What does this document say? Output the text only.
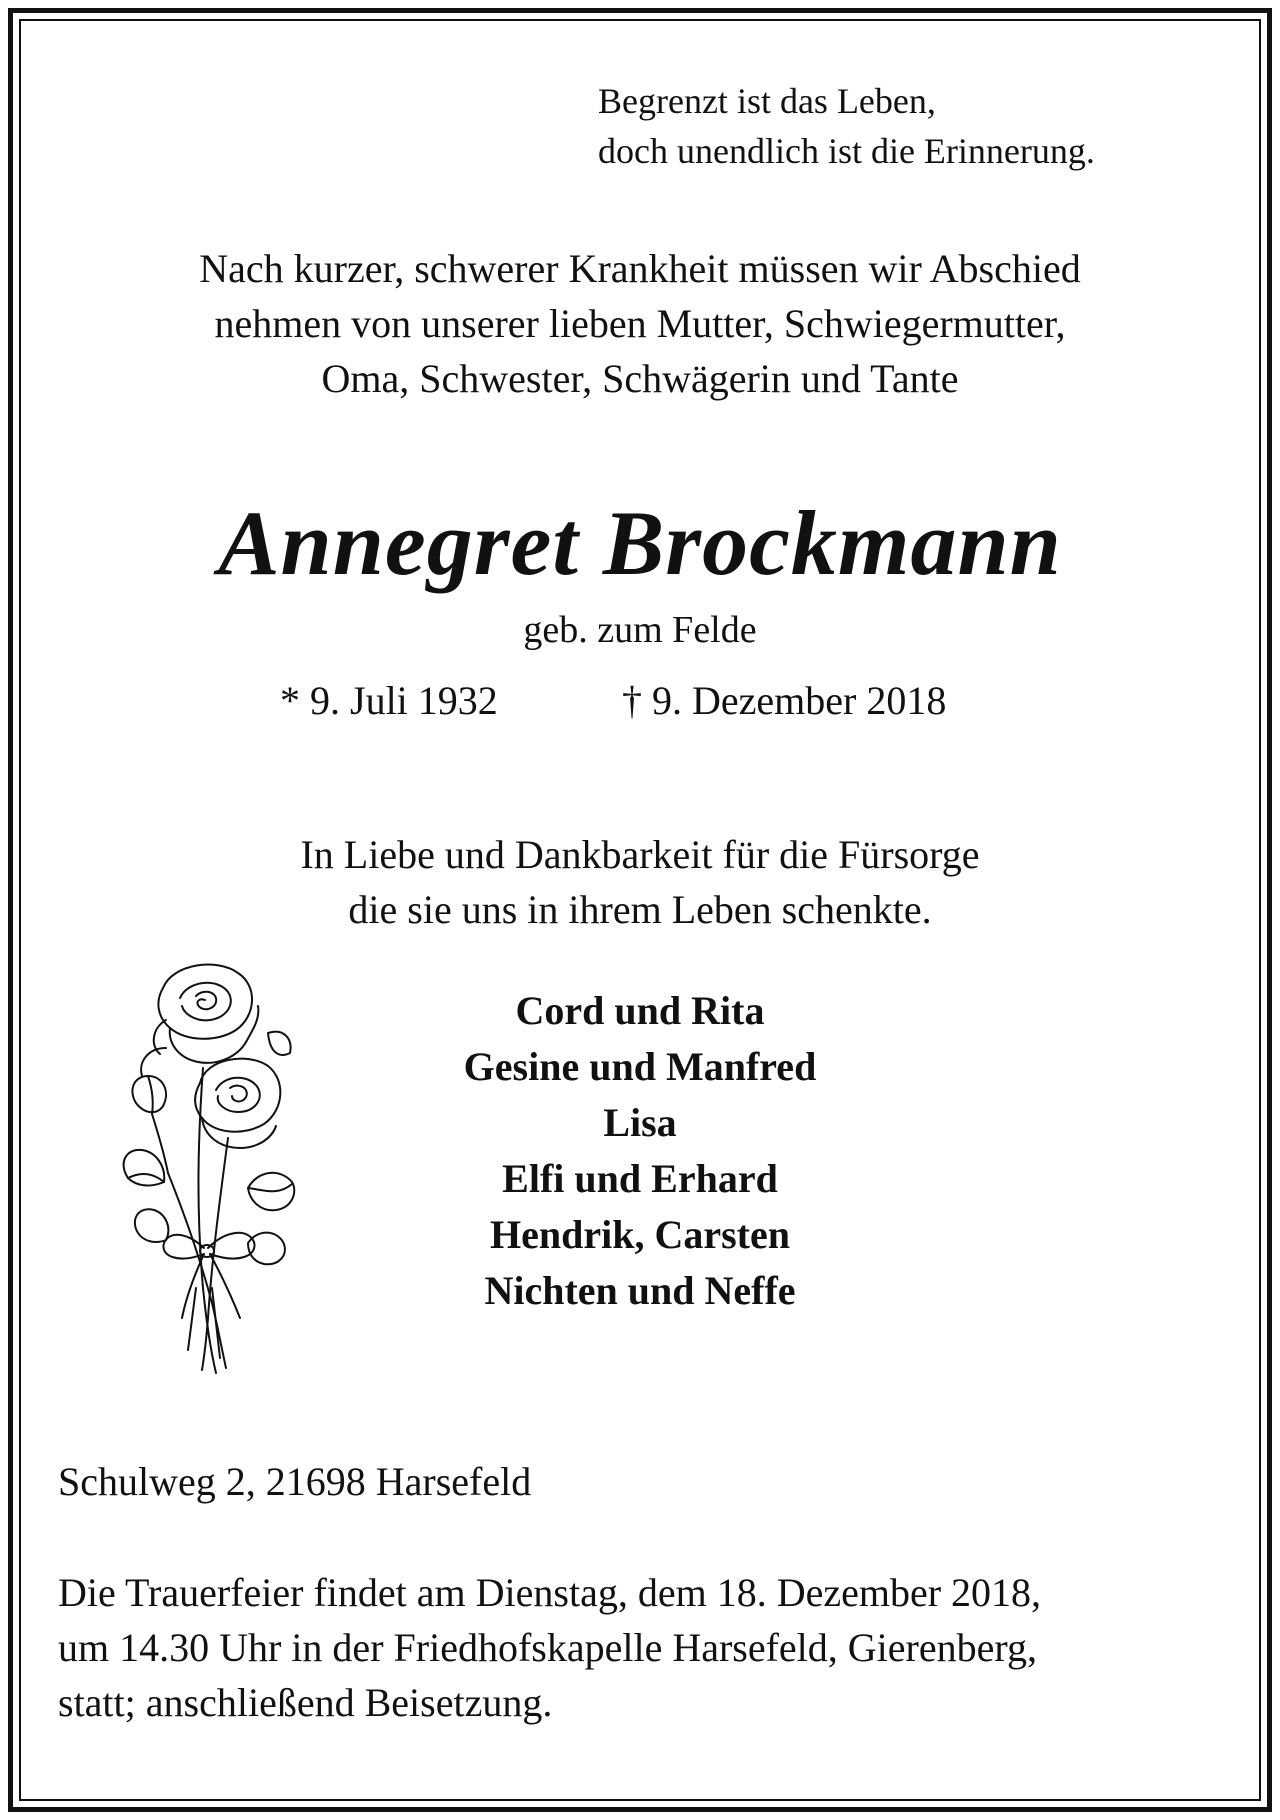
Begrenzt ist das Leben,
doch unendlich ist die Erinnerung.
Nach kurzer, schwerer Krankheit müssen wir Abschied
nehmen von unserer lieben Mutter, Schwiegermutter,
Oma, Schwester, Schwägerin und Tante
Annegret Brockmann
geb. zum Felde
* 9. Juli 1932	† 9. Dezember 2018
In Liebe und Dankbarkeit für die Fürsorge
die sie uns in ihrem Leben schenkte.
Cord und Rita
Gesine und Manfred
Lisa
Elfi und Erhard
Hendrik, Carsten
Nichten und Neffe
Schulweg 2, 21698 Harsefeld
Die Trauerfeier findet am Dienstag, dem 18. Dezember 2018,
um 14.30 Uhr in der Friedhofskapelle Harsefeld, Gierenberg,
statt; anschließend Beisetzung.
